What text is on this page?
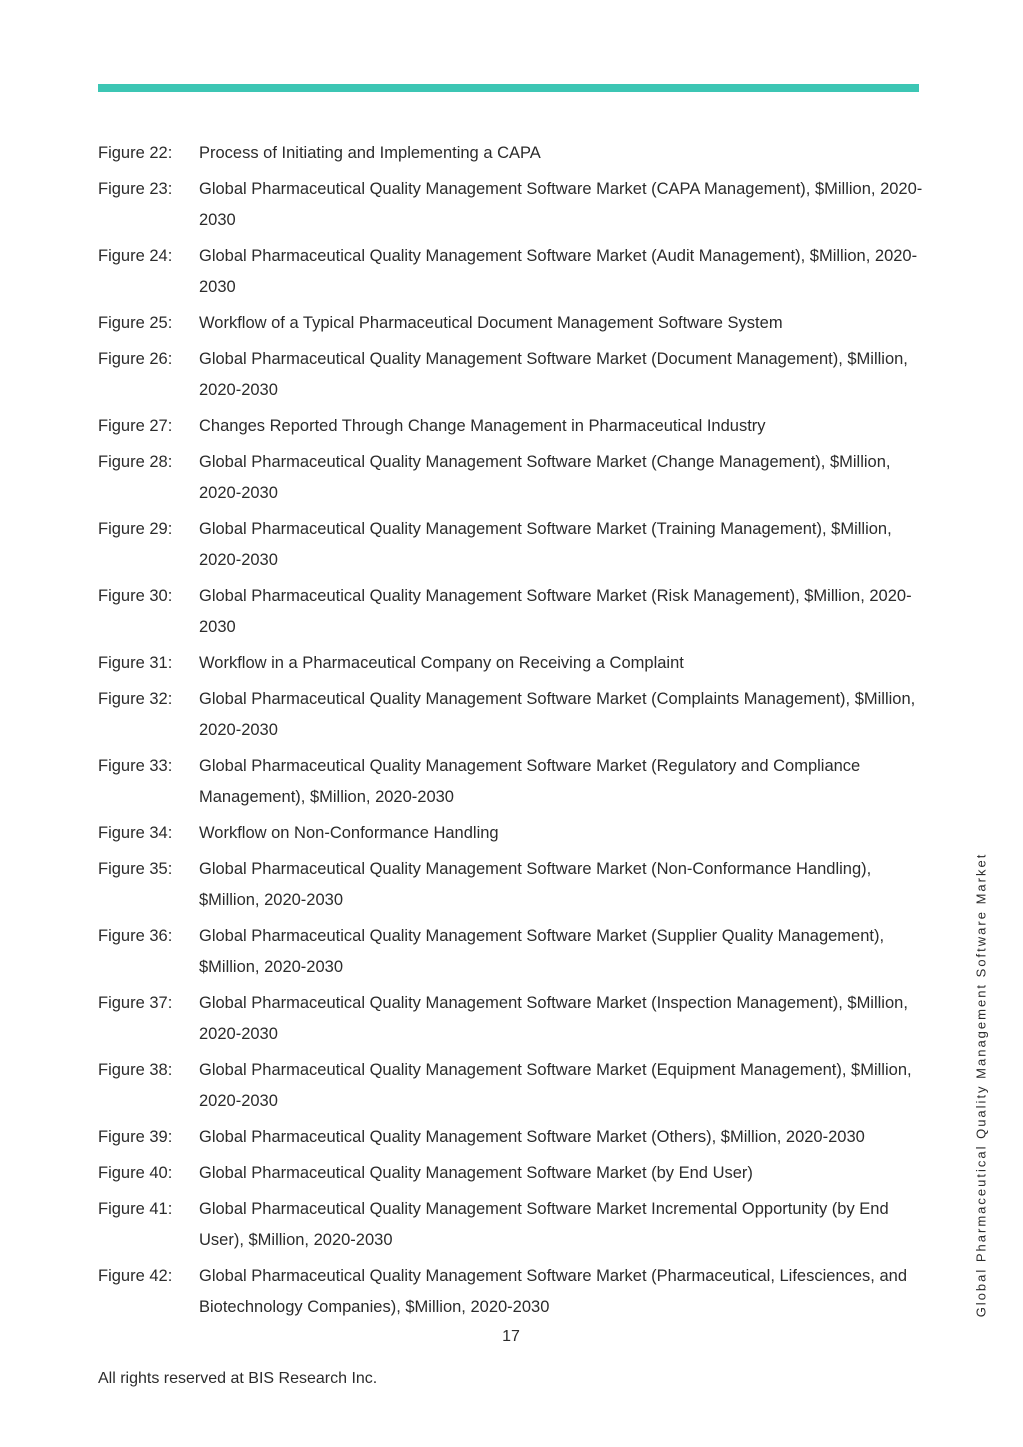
Figure 22:	Process of Initiating and Implementing a CAPA
Figure 23:	Global Pharmaceutical Quality Management Software Market (CAPA Management), $Million, 2020-2030
Figure 24:	Global Pharmaceutical Quality Management Software Market (Audit Management), $Million, 2020-2030
Figure 25:	Workflow of a Typical Pharmaceutical Document Management Software System
Figure 26:	Global Pharmaceutical Quality Management Software Market (Document Management), $Million, 2020-2030
Figure 27:	Changes Reported Through Change Management in Pharmaceutical Industry
Figure 28:	Global Pharmaceutical Quality Management Software Market (Change Management), $Million, 2020-2030
Figure 29:	Global Pharmaceutical Quality Management Software Market (Training Management), $Million, 2020-2030
Figure 30:	Global Pharmaceutical Quality Management Software Market (Risk Management), $Million, 2020-2030
Figure 31:	Workflow in a Pharmaceutical Company on Receiving a Complaint
Figure 32:	Global Pharmaceutical Quality Management Software Market (Complaints Management), $Million, 2020-2030
Figure 33:	Global Pharmaceutical Quality Management Software Market (Regulatory and Compliance Management), $Million, 2020-2030
Figure 34:	Workflow on Non-Conformance Handling
Figure 35:	Global Pharmaceutical Quality Management Software Market (Non-Conformance Handling), $Million, 2020-2030
Figure 36:	Global Pharmaceutical Quality Management Software Market (Supplier Quality Management), $Million, 2020-2030
Figure 37:	Global Pharmaceutical Quality Management Software Market (Inspection Management), $Million, 2020-2030
Figure 38:	Global Pharmaceutical Quality Management Software Market (Equipment Management), $Million, 2020-2030
Figure 39:	Global Pharmaceutical Quality Management Software Market (Others), $Million, 2020-2030
Figure 40:	Global Pharmaceutical Quality Management Software Market (by End User)
Figure 41:	Global Pharmaceutical Quality Management Software Market Incremental Opportunity (by End User), $Million, 2020-2030
Figure 42:	Global Pharmaceutical Quality Management Software Market (Pharmaceutical, Lifesciences, and Biotechnology Companies), $Million, 2020-2030	Global Pharmaceutical Quality Management Software Market
17
All rights reserved at BIS Research Inc.
